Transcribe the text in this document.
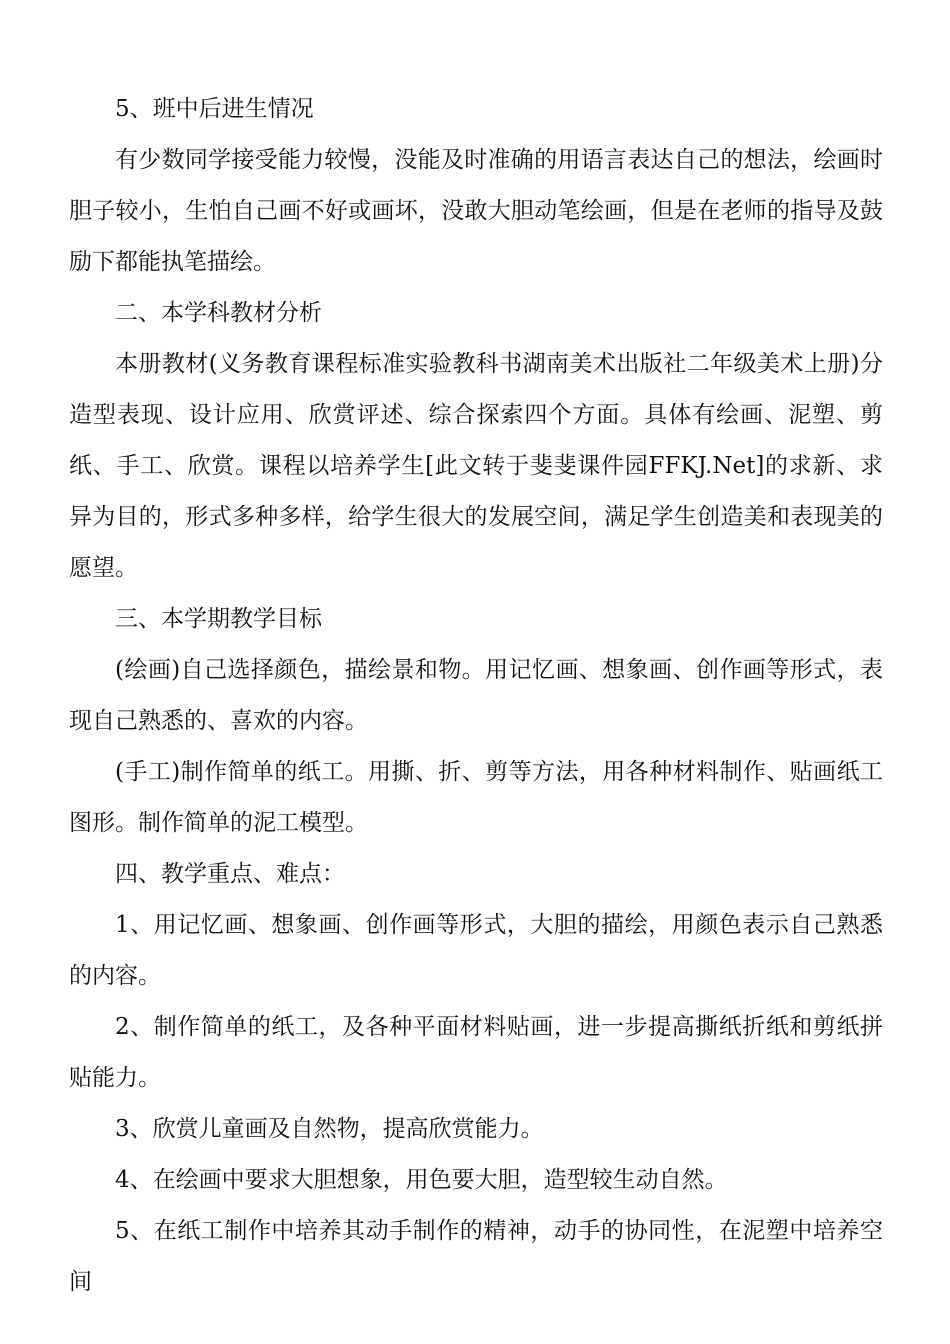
5、班中后进生情况

有少数同学接受能力较慢，没能及时准确的用语言表达自己的想法，绘画时胆子较小，生怕自己画不好或画坏，没敢大胆动笔绘画，但是在老师的指导及鼓励下都能执笔描绘。

二、本学科教材分析

本册教材(义务教育课程标准实验教科书湖南美术出版社二年级美术上册)分造型表现、设计应用、欣赏评述、综合探索四个方面。具体有绘画、泥塑、剪纸、手工、欣赏。课程以培养学生[此文转于斐斐课件园FFKJ.Net]的求新、求异为目的，形式多种多样，给学生很大的发展空间，满足学生创造美和表现美的愿望。

三、本学期教学目标

(绘画)自己选择颜色，描绘景和物。用记忆画、想象画、创作画等形式，表现自己熟悉的、喜欢的内容。

(手工)制作简单的纸工。用撕、折、剪等方法，用各种材料制作、贴画纸工图形。制作简单的泥工模型。

四、教学重点、难点：

1、用记忆画、想象画、创作画等形式，大胆的描绘，用颜色表示自己熟悉的内容。

2、制作简单的纸工，及各种平面材料贴画，进一步提高撕纸折纸和剪纸拼贴能力。

3、欣赏儿童画及自然物，提高欣赏能力。

4、在绘画中要求大胆想象，用色要大胆，造型较生动自然。

5、在纸工制作中培养其动手制作的精神，动手的协同性，在泥塑中培养空间
